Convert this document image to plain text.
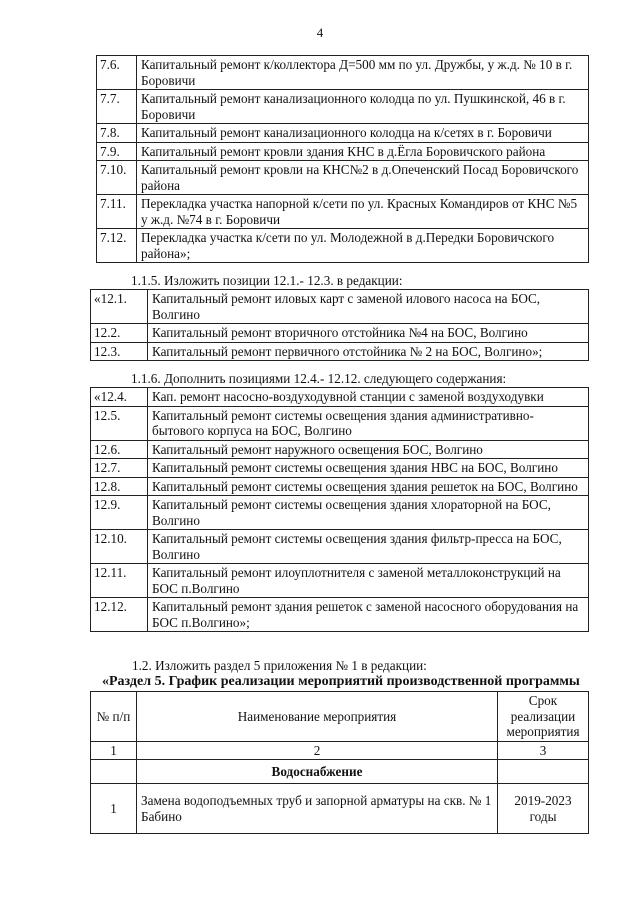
4
7.6.	Капитальный ремонт к/коллектора Д=500 мм по ул. Дружбы, у ж.д. № 10 в г. Боровичи
7.7.	Капитальный ремонт канализационного колодца по ул. Пушкинской, 46 в г. Боровичи
7.8.	Капитальный ремонт канализационного колодца на к/сетях в г. Боровичи
7.9.	Капитальный ремонт кровли здания КНС в д.Ёгла Боровичского района
7.10.	Капитальный ремонт кровли на КНС№2 в д.Опеченский Посад Боровичского района
7.11.	Перекладка участка напорной к/сети по ул. Красных Командиров от КНС №5 у ж.д. №74 в г. Боровичи
7.12.	Перекладка участка к/сети по ул. Молодежной в д.Передки Боровичского района»;
1.1.5. Изложить позиции 12.1.- 12.3. в редакции:
«12.1.	Капитальный ремонт иловых карт с заменой илового насоса на БОС, Волгино
12.2.	Капитальный ремонт вторичного отстойника №4 на БОС, Волгино
12.3.	Капитальный ремонт первичного отстойника № 2 на БОС, Волгино»;
1.1.6. Дополнить позициями 12.4.- 12.12. следующего содержания:
«12.4.	Кап. ремонт насосно-воздуходувной станции с заменой воздуходувки
12.5.	Капитальный ремонт системы освещения здания административно-бытового корпуса на БОС, Волгино
12.6.	Капитальный ремонт наружного освещения БОС, Волгино
12.7.	Капитальный ремонт системы освещения здания НВС на БОС, Волгино
12.8.	Капитальный ремонт системы освещения здания решеток на БОС, Волгино
12.9.	Капитальный ремонт системы освещения здания хлораторной на БОС, Волгино
12.10.	Капитальный ремонт системы освещения здания фильтр-пресса на БОС, Волгино
12.11.	Капитальный ремонт илоуплотнителя с заменой металлоконструкций на БОС п.Волгино
12.12.	Капитальный ремонт здания решеток с заменой насосного оборудования на БОС п.Волгино»;
1.2. Изложить раздел 5 приложения № 1 в редакции:
«Раздел 5. График реализации мероприятий производственной программы
№ п/п	Наименование мероприятия	Срок реализации мероприятия
1	2	3
	Водоснабжение	
1	Замена водоподъемных труб и запорной арматуры на скв. № 1 Бабино	2019-2023 годы
